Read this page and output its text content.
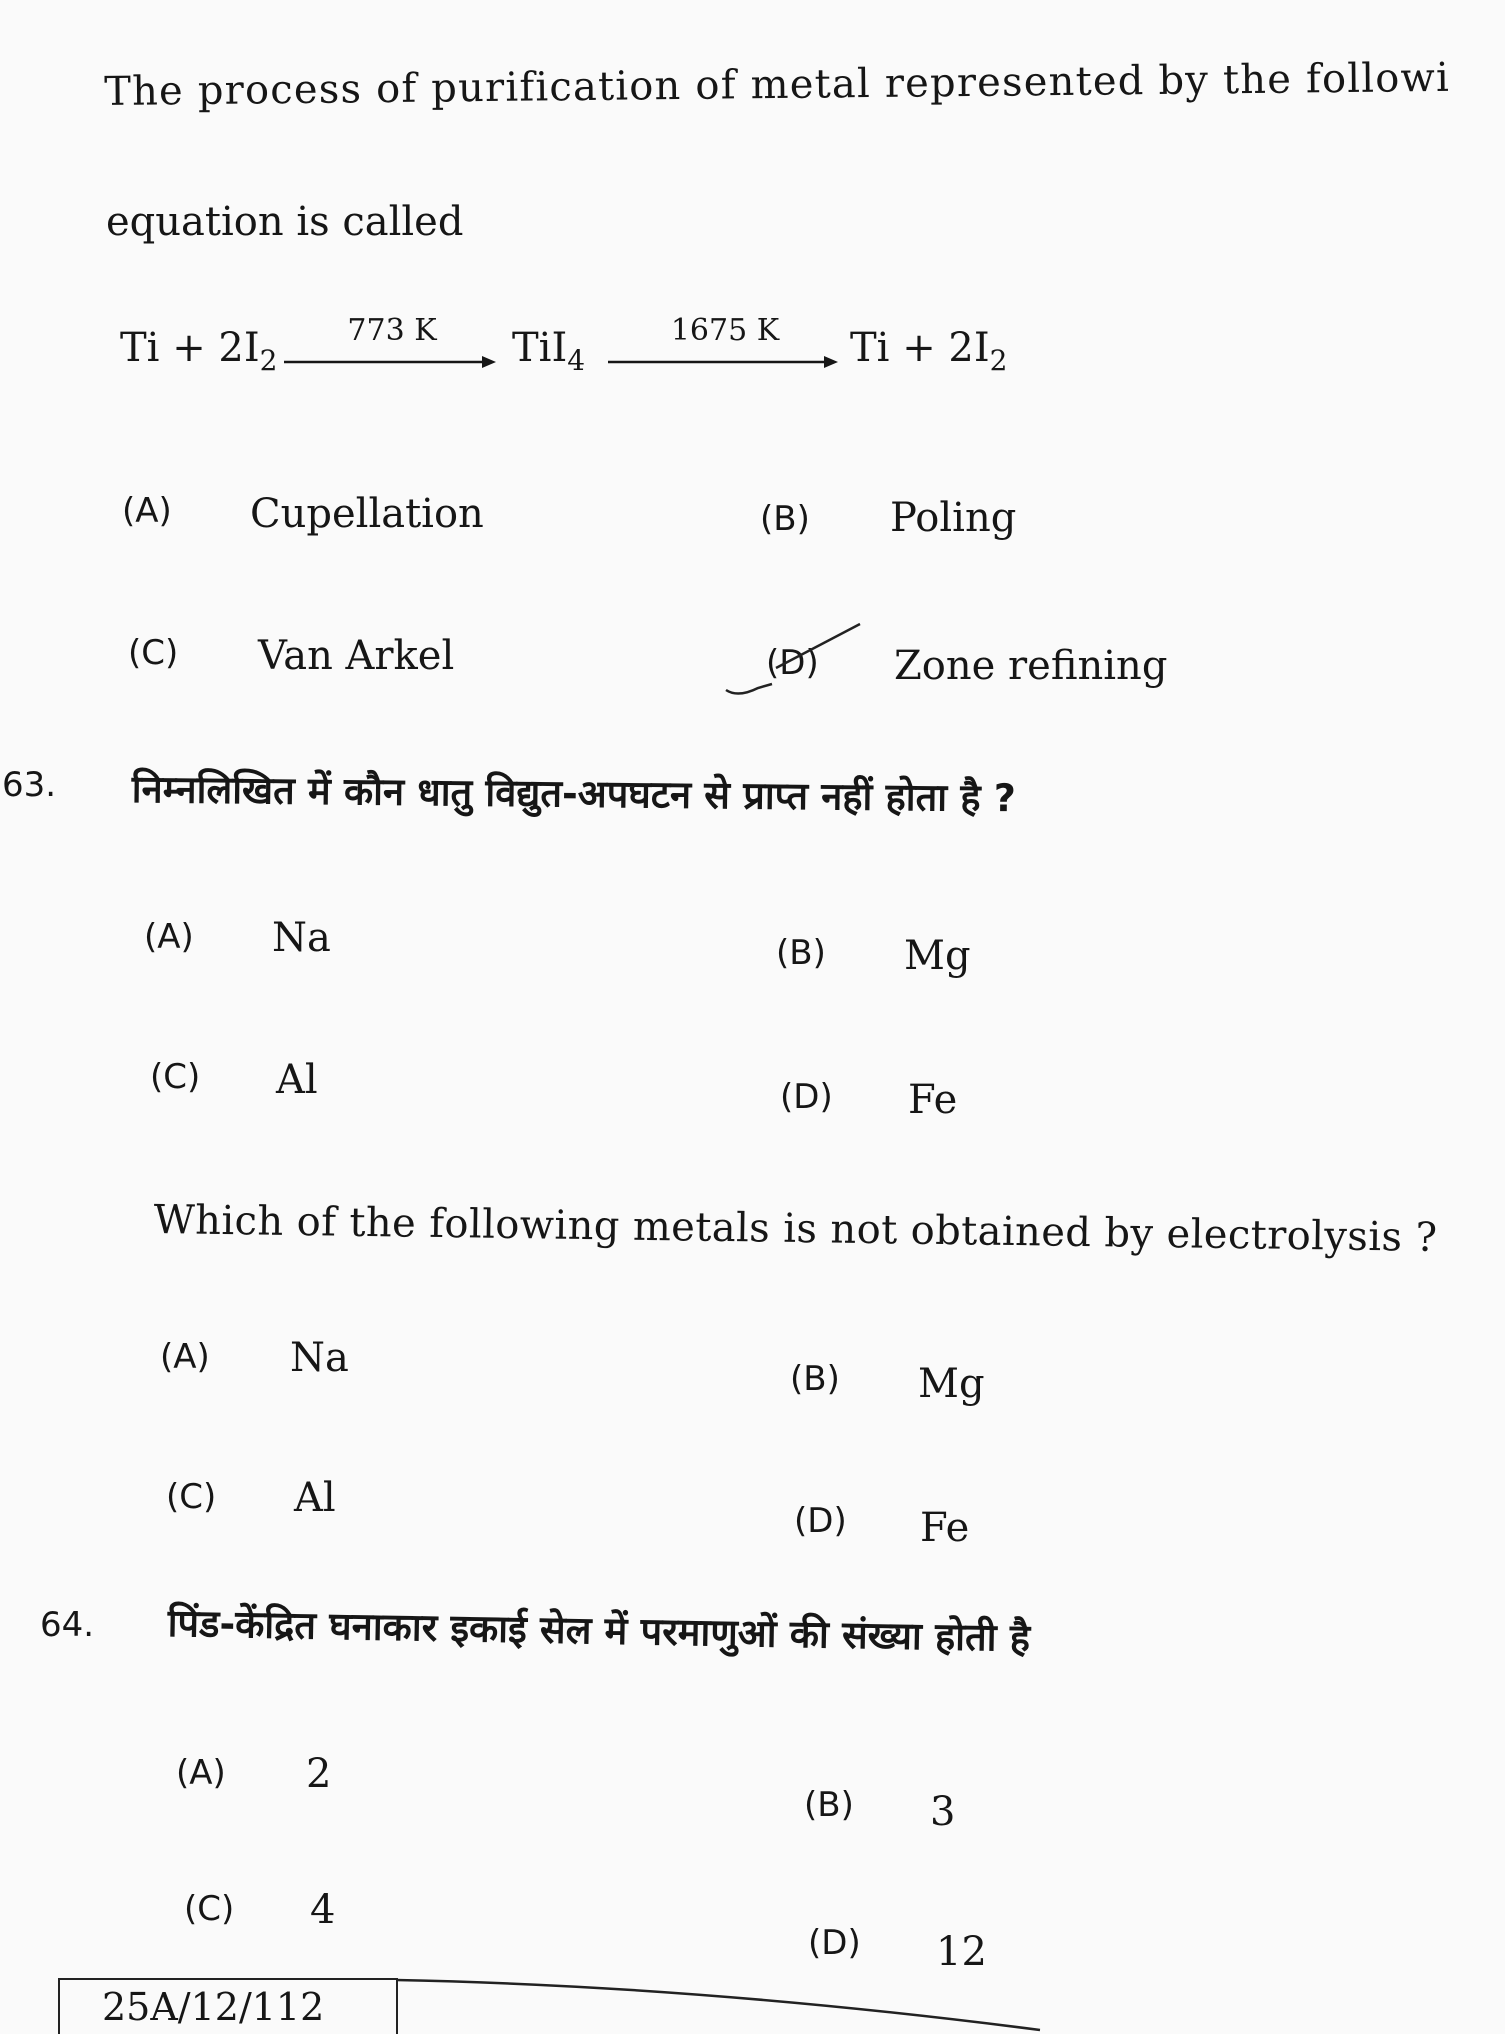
The process of purification of metal represented by the followi
equation is called
$Ti + 2I_2$
773 K	TiI$_4$
1675 K	$Ti + 2I_2$
(A) Cupellation	(B) Poling
(C) Van Arkel	(D) Zone refining
63. निम्नलिखित में कौन धातु विद्युत-अपघटन से प्राप्त नहीं होता है ?
(A) Na	(B) Mg
(C) Al	(D) Fe
Which of the following metals is not obtained by electrolysis ?
(A) Na	(B) Mg
(C) Al	(D) Fe
64. पिंड-केंद्रित घनाकार इकाई सेल में परमाणुओं की संख्या होती है
(A) 2
(B) 3
(C) 4
(D) 12
25A/12/112
